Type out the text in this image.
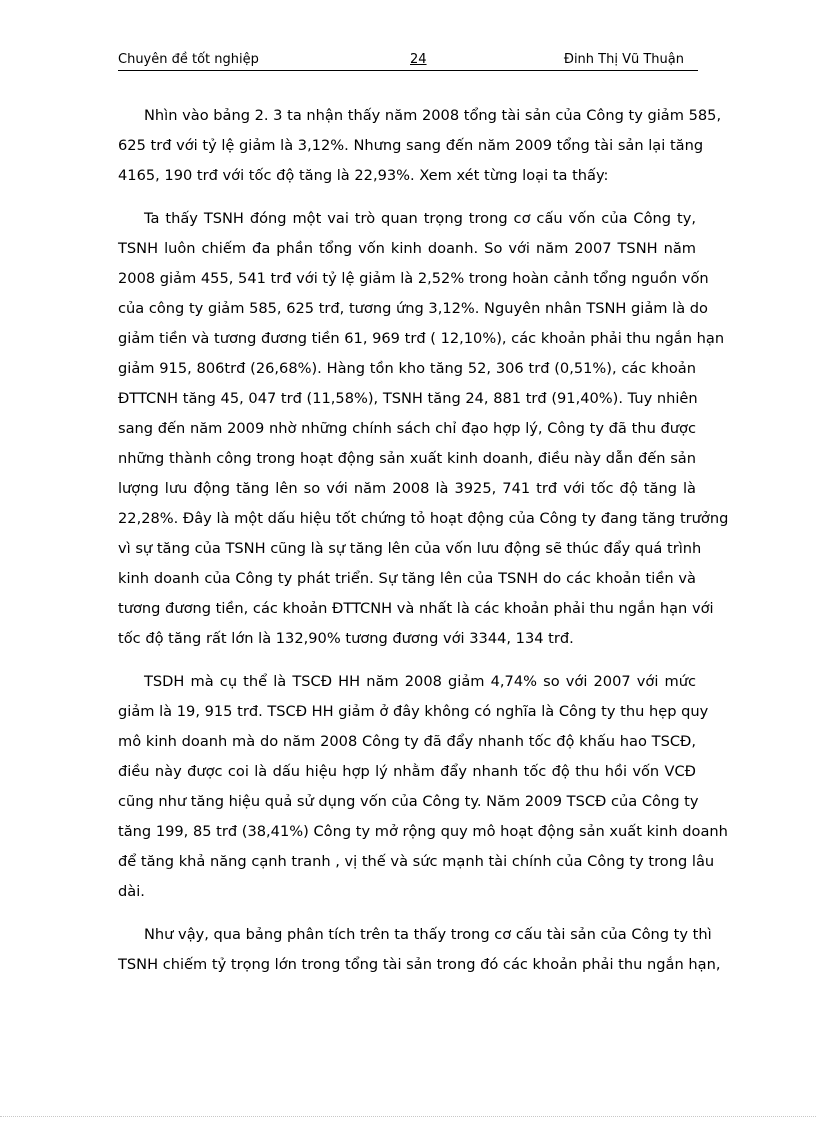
Chuyên đề tốt nghiệp	24	Đinh Thị Vũ Thuận
Nhìn vào bảng 2. 3 ta nhận thấy năm 2008 tổng tài sản của Công ty giảm 585,
625 trđ với tỷ lệ giảm là 3,12%. Nhưng sang đến năm 2009 tổng tài sản lại tăng
4165, 190 trđ với tốc độ tăng là 22,93%. Xem xét từng loại ta thấy:
Ta thấy TSNH đóng một vai trò quan trọng trong cơ cấu vốn của Công ty,
TSNH luôn chiếm đa phần tổng vốn kinh doanh. So với năm 2007 TSNH năm
2008 giảm 455, 541 trđ với tỷ lệ giảm là 2,52% trong hoàn cảnh tổng nguồn vốn
của công ty giảm 585, 625 trđ, tương ứng 3,12%. Nguyên nhân TSNH giảm là do
giảm tiền và tương đương tiền 61, 969 trđ ( 12,10%), các khoản phải thu ngắn hạn
giảm 915, 806trđ (26,68%). Hàng tồn kho tăng 52, 306 trđ (0,51%), các khoản
ĐTTCNH tăng 45, 047 trđ (11,58%), TSNH tăng 24, 881 trđ (91,40%). Tuy nhiên
sang đến năm 2009 nhờ những chính sách chỉ đạo hợp lý, Công ty đã thu được
những thành công trong hoạt động sản xuất kinh doanh, điều này dẫn đến sản
lượng lưu động tăng lên so với năm 2008 là 3925, 741 trđ với tốc độ tăng là
22,28%. Đây là một dấu hiệu tốt chứng tỏ hoạt động của Công ty đang tăng trưởng
vì sự tăng của TSNH cũng là sự tăng lên của vốn lưu động sẽ thúc đẩy quá trình
kinh doanh của Công ty phát triển. Sự tăng lên của TSNH do các khoản tiền và
tương đương tiền, các khoản ĐTTCNH và nhất là các khoản phải thu ngắn hạn với
tốc độ tăng rất lớn là 132,90% tương đương với 3344, 134 trđ.
TSDH mà cụ thể là TSCĐ HH năm 2008 giảm 4,74% so với 2007 với mức
giảm là 19, 915 trđ. TSCĐ HH giảm ở đây không có nghĩa là Công ty thu hẹp quy
mô kinh doanh mà do năm 2008 Công ty đã đẩy nhanh tốc độ khấu hao TSCĐ,
điều này được coi là dấu hiệu hợp lý nhằm đẩy nhanh tốc độ thu hồi vốn VCĐ
cũng như tăng hiệu quả sử dụng vốn của Công ty. Năm 2009 TSCĐ của Công ty
tăng 199, 85 trđ (38,41%) Công ty mở rộng quy mô hoạt động sản xuất kinh doanh
để tăng khả năng cạnh tranh , vị thế và sức mạnh tài chính của Công ty trong lâu
dài.
Như vậy, qua bảng phân tích trên ta thấy trong cơ cấu tài sản của Công ty thì
TSNH chiếm tỷ trọng lớn trong tổng tài sản trong đó các khoản phải thu ngắn hạn,
